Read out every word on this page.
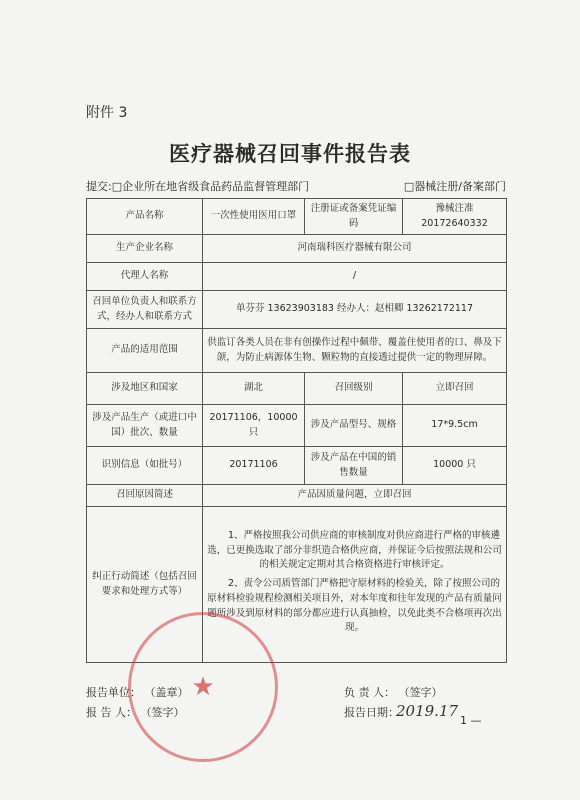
附件 3
医疗器械召回事件报告表
提交:□企业所在地省级食品药品监督管理部门	□器械注册/备案部门
产品名称	一次性使用医用口罩	注册证或备案凭证编码	豫械注准 20172640332
生产企业名称	河南瑞科医疗器械有限公司		
代理人名称	/		
召回单位负责人和联系方式，经办人和联系方式	单芬芬 13623903183 经办人：赵相卿 13262172117		
产品的适用范围	供监订各类人员在非有创操作过程中佩带、覆盖住使用者的口、鼻及下颌，为防止病源体生物、颗粒物的直接透过提供一定的物理屏障。		
涉及地区和国家	湖北	召回级别	立即召回
涉及产品生产（或进口中国）批次、数量	20171106，10000 只	涉及产品型号、规格	17*9.5cm
识别信息（如批号）	20171106	涉及产品在中国的销售数量	10000 只
召回原因简述	产品因质量问题，立即召回		
纠正行动简述（包括召回要求和处理方式等）	1、严格按照我公司供应商的审核制度对供应商进行严格的审核遴选，已更换选取了部分非织造合格供应商，并保证今后按照法规和公司的相关规定定期对其合格资格进行审核评定。

2、责令公司质管部门严格把守原材料的检验关，除了按照公司的原材料检验规程检测相关项目外，对本年度和往年发现的产品有质量问题所涉及到原材料的部分都应进行认真抽检，以免此类不合格项再次出现。		

★
报告单位： （盖章）
报 告 人： （签字）
负 责 人： （签字）
报告日期：
2019.17
1 —
